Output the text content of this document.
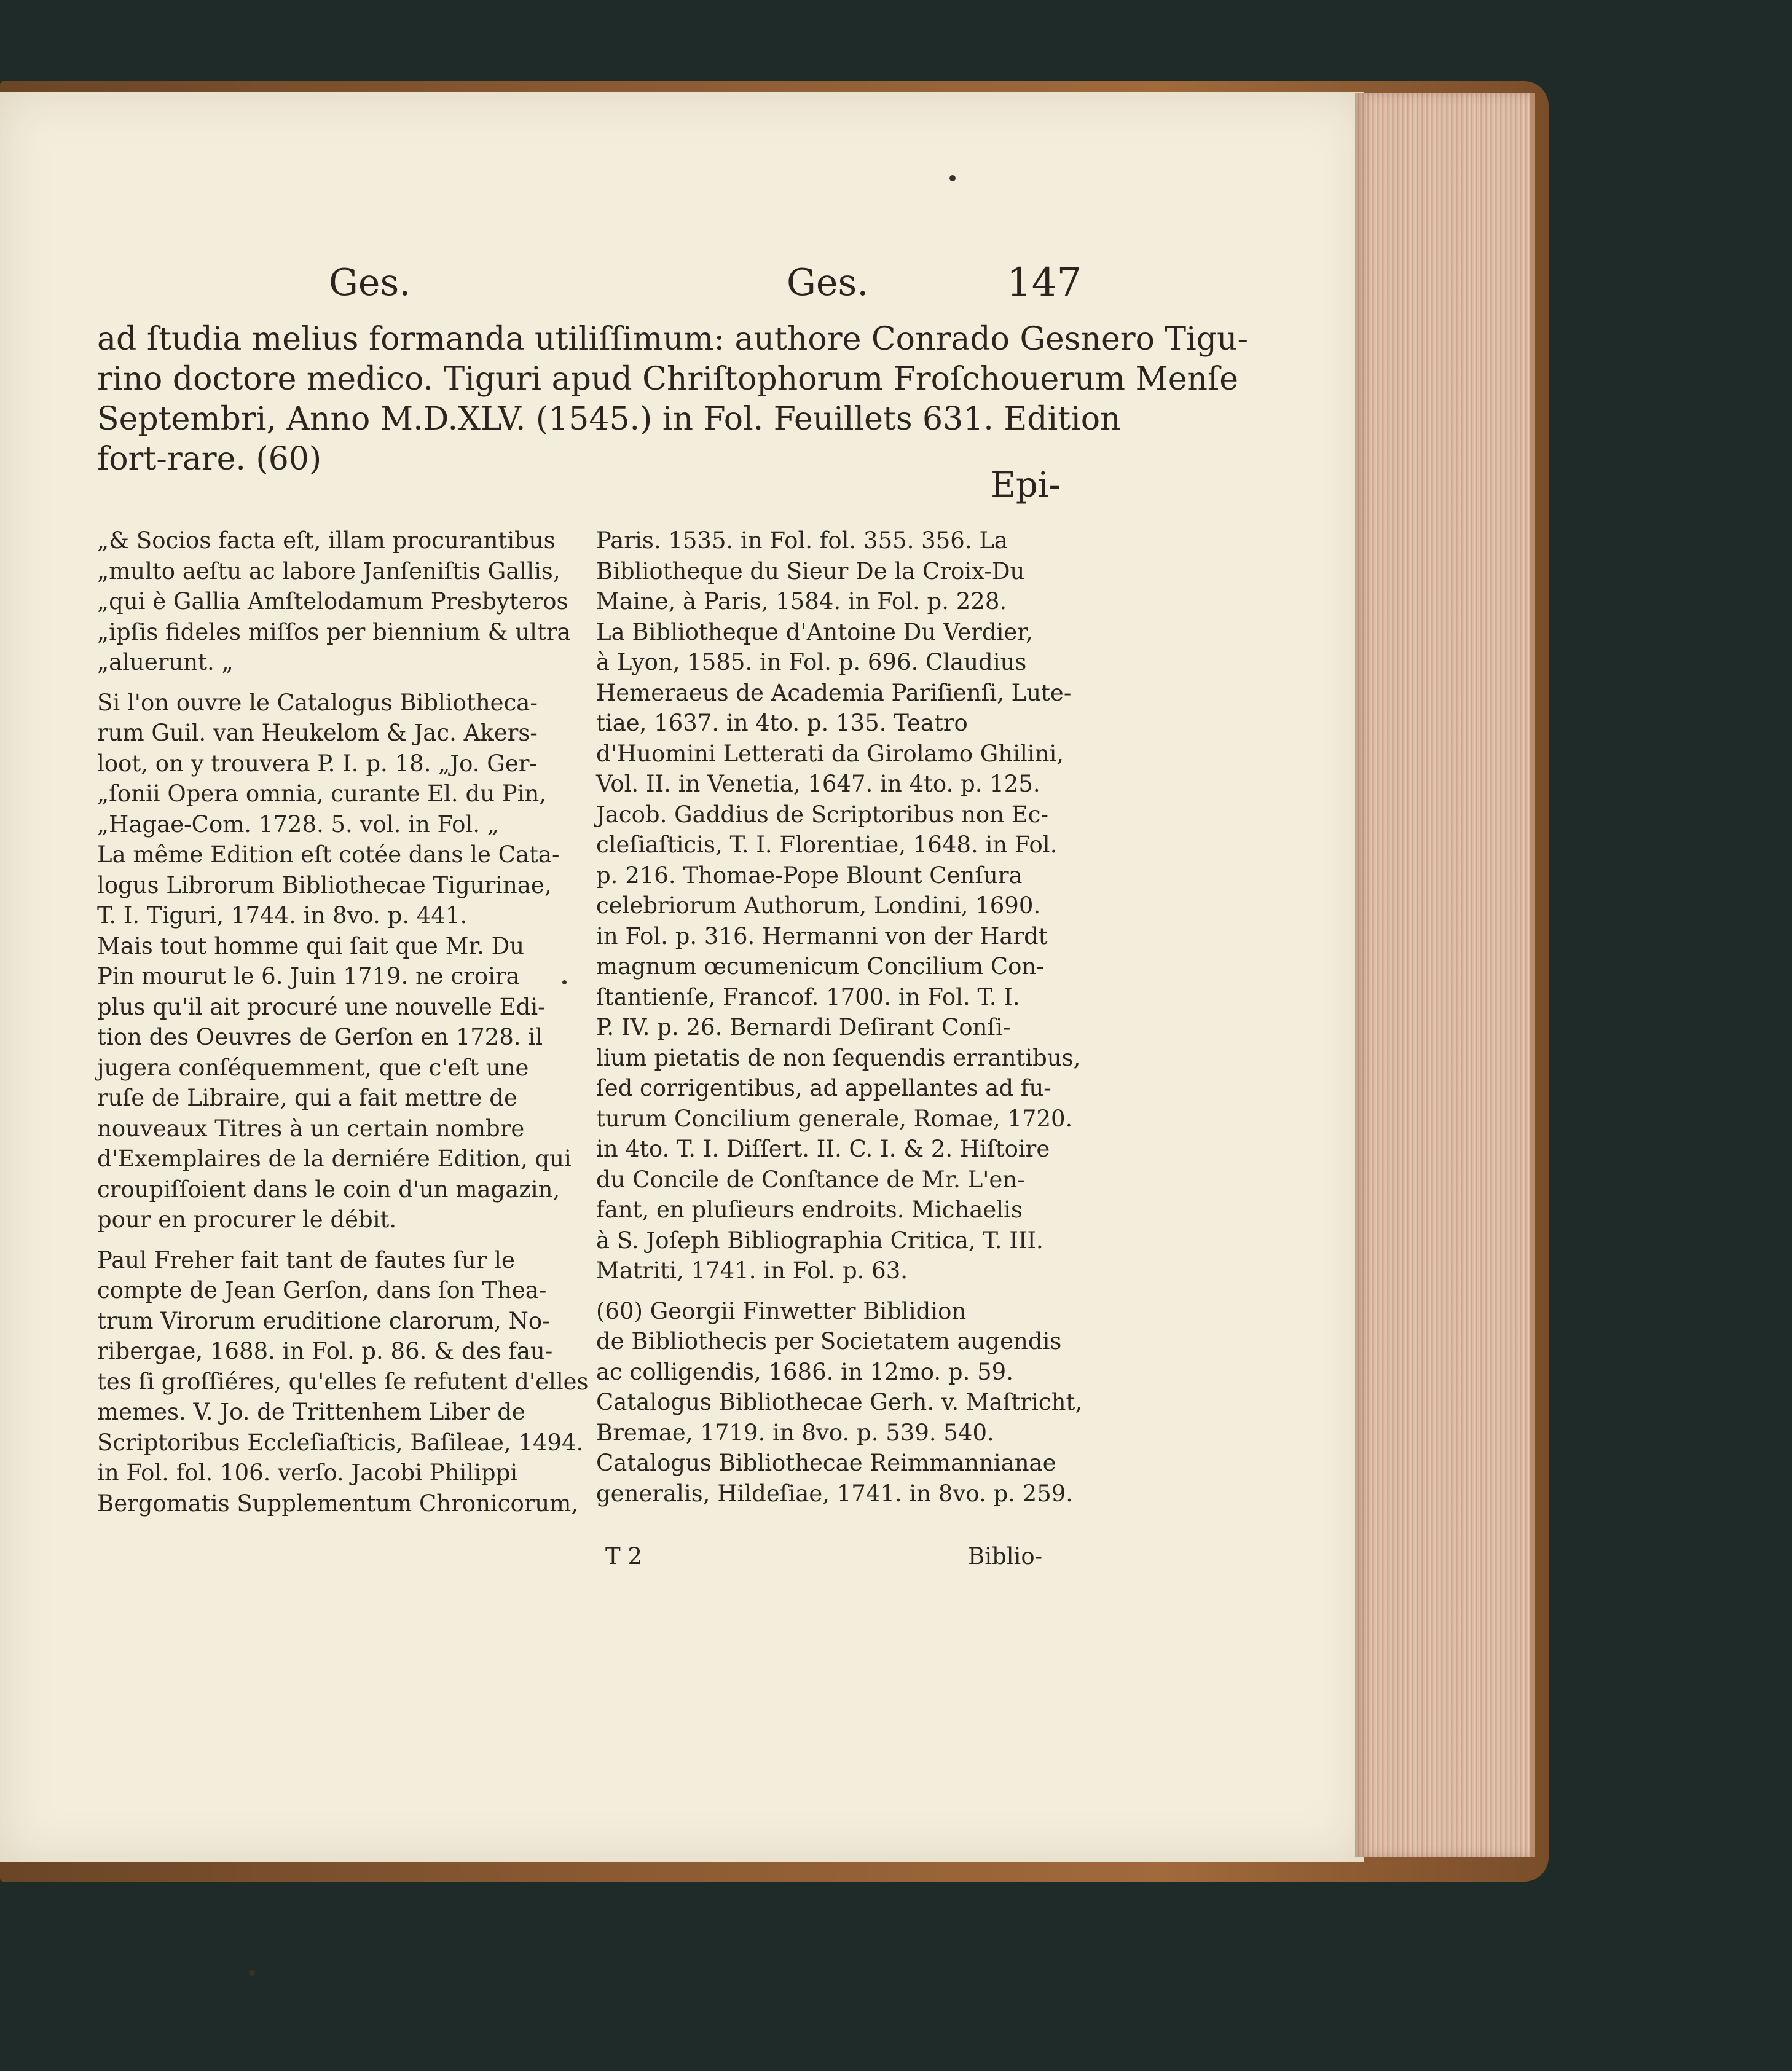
Ges.	Ges.	147
ad ſtudia melius formanda utiliſſimum: authore Conrado Gesnero Tigu-
rino doctore medico. Tiguri apud Chriſtophorum Froſchouerum Menſe
Septembri, Anno M.D.XLV. (1545.) in Fol. Feuillets 631. Edition
fort-rare. (60)
Epi-
„& Socios facta eſt, illam procurantibus
„multo aeſtu ac labore Janſeniſtis Gallis,
„qui è Gallia Amſtelodamum Presbyteros
„ipſis fideles miſſos per biennium & ultra
„aluerunt. „
Si l'on ouvre le Catalogus Bibliotheca-
rum Guil. van Heukelom & Jac. Akers-
loot, on y trouvera P. I. p. 18. „Jo. Ger-
„ſonii Opera omnia, curante El. du Pin,
„Hagae-Com. 1728. 5. vol. in Fol. „
La même Edition eſt cotée dans le Cata-
logus Librorum Bibliothecae Tigurinae,
T. I. Tiguri, 1744. in 8vo. p. 441.
Mais tout homme qui ſait que Mr. Du
Pin mourut le 6. Juin 1719. ne croira
plus qu'il ait procuré une nouvelle Edi-
tion des Oeuvres de Gerſon en 1728. il
jugera conſéquemment, que c'eſt une
ruſe de Libraire, qui a fait mettre de
nouveaux Titres à un certain nombre
d'Exemplaires de la derniére Edition, qui
croupiſſoient dans le coin d'un magazin,
pour en procurer le débit.
Paul Freher fait tant de fautes ſur le
compte de Jean Gerſon, dans ſon Thea-
trum Virorum eruditione clarorum, No-
ribergae, 1688. in Fol. p. 86. & des fau-
tes ſi groſſiéres, qu'elles ſe refutent d'elles
memes. V. Jo. de Trittenhem Liber de
Scriptoribus Eccleſiaſticis, Baſileae, 1494.
in Fol. fol. 106. verſo. Jacobi Philippi
Bergomatis Supplementum Chronicorum,
Paris. 1535. in Fol. fol. 355. 356. La
Bibliotheque du Sieur De la Croix-Du
Maine, à Paris, 1584. in Fol. p. 228.
La Bibliotheque d'Antoine Du Verdier,
à Lyon, 1585. in Fol. p. 696. Claudius
Hemeraeus de Academia Pariſienſi, Lute-
tiae, 1637. in 4to. p. 135. Teatro
d'Huomini Letterati da Girolamo Ghilini,
Vol. II. in Venetia, 1647. in 4to. p. 125.
Jacob. Gaddius de Scriptoribus non Ec-
cleſiaſticis, T. I. Florentiae, 1648. in Fol.
p. 216. Thomae-Pope Blount Cenſura
celebriorum Authorum, Londini, 1690.
in Fol. p. 316. Hermanni von der Hardt
magnum œcumenicum Concilium Con-
ſtantienſe, Francof. 1700. in Fol. T. I.
P. IV. p. 26. Bernardi Deſirant Conſi-
lium pietatis de non ſequendis errantibus,
ſed corrigentibus, ad appellantes ad fu-
turum Concilium generale, Romae, 1720.
in 4to. T. I. Diſſert. II. C. I. & 2. Hiſtoire
du Concile de Conſtance de Mr. L'en-
fant, en pluſieurs endroits. Michaelis
à S. Joſeph Bibliographia Critica, T. III.
Matriti, 1741. in Fol. p. 63.
(60) Georgii Finwetter Biblidion
de Bibliothecis per Societatem augendis
ac colligendis, 1686. in 12mo. p. 59.
Catalogus Bibliothecae Gerh. v. Maſtricht,
Bremae, 1719. in 8vo. p. 539. 540.
Catalogus Bibliothecae Reimmannianae
generalis, Hildeſiae, 1741. in 8vo. p. 259.
T 2	Biblio-
